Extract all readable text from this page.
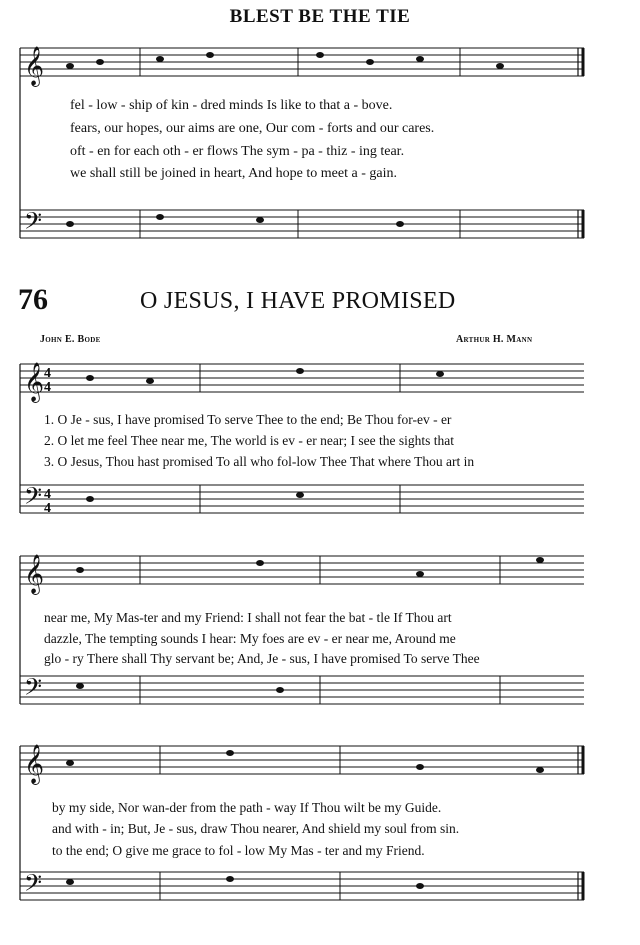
𝄞
𝄢
𝄞
𝄢
𝄞
𝄢
𝄞
𝄢
4
4
4
4
BLEST BE THE TIE
fel - low - ship of kin - dred minds Is like to that a - bove.
fears, our hopes, our aims are one, Our com - forts and our cares.
oft - en for each oth - er flows The sym - pa - thiz - ing tear.
we shall still be joined in heart, And hope to meet a - gain.
76	O JESUS, I HAVE PROMISED
John E. Bode	Arthur H. Mann
1. O Je - sus, I have promised To serve Thee to the end; Be Thou for-ev - er
2. O let me feel Thee near me, The world is ev - er near; I see the sights that
3. O Jesus, Thou hast promised To all who fol-low Thee That where Thou art in
near me, My Mas-ter and my Friend: I shall not fear the bat - tle If Thou art
dazzle, The tempting sounds I hear: My foes are ev - er near me, Around me
glo - ry There shall Thy servant be; And, Je - sus, I have promised To serve Thee
by my side, Nor wan-der from the path - way If Thou wilt be my Guide.
and with - in; But, Je - sus, draw Thou nearer, And shield my soul from sin.
to the end; O give me grace to fol - low My Mas - ter and my Friend.
